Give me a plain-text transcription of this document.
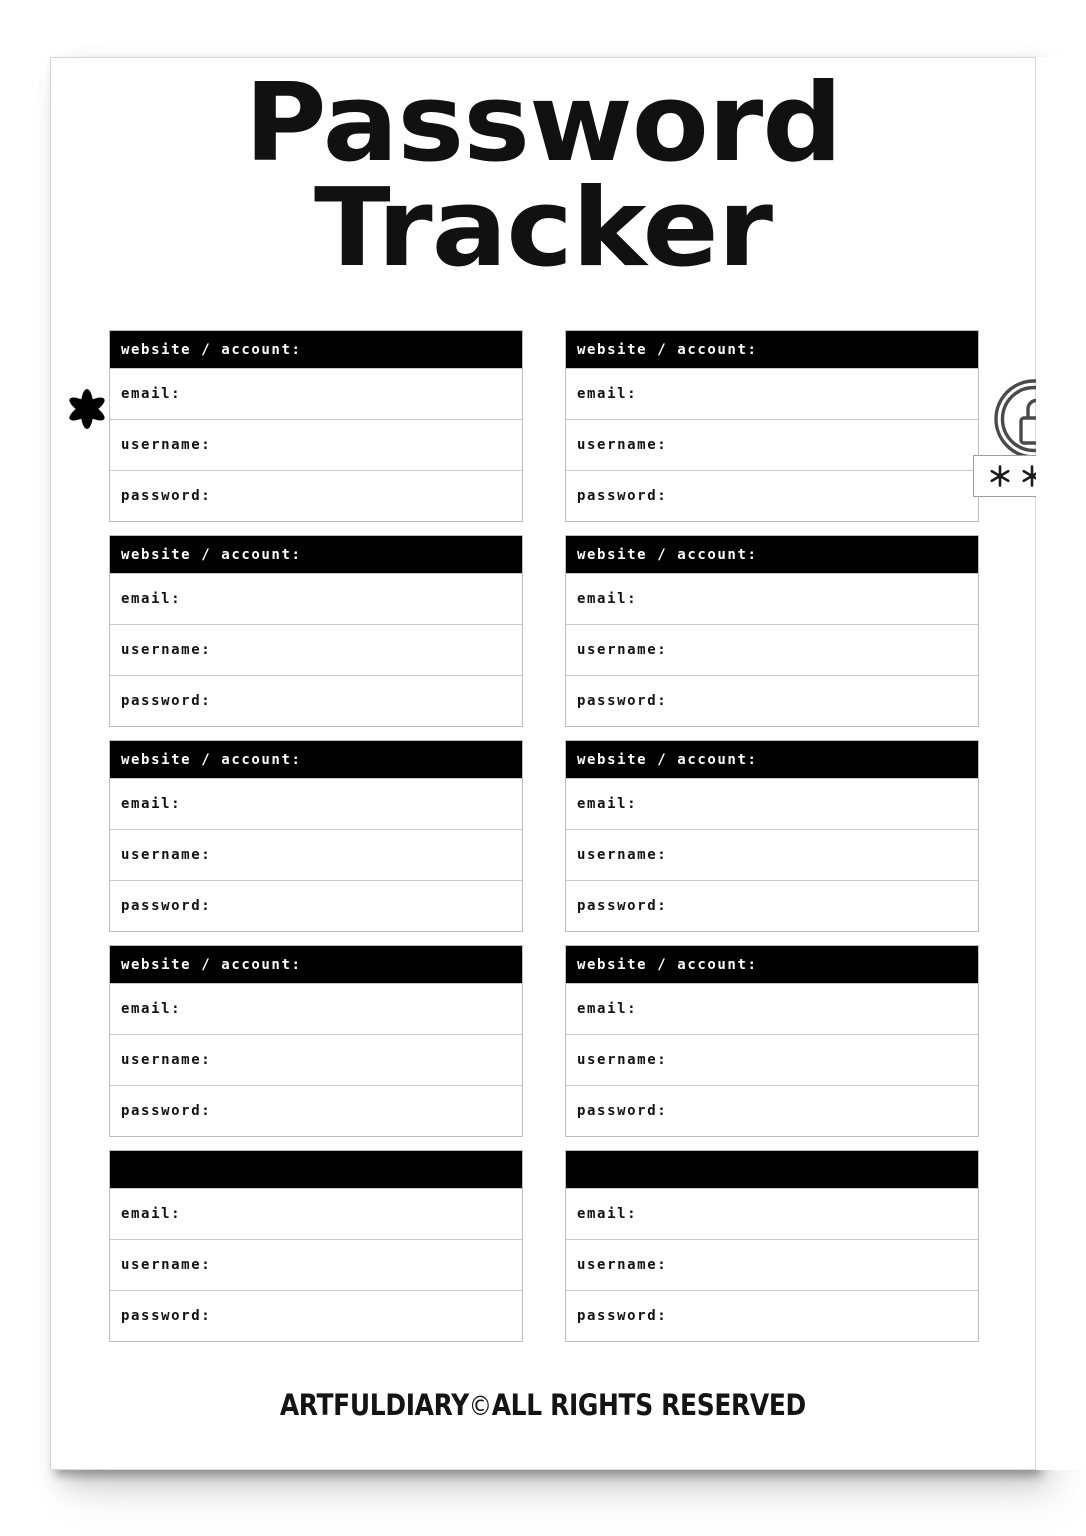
Password
Tracker
website / account:
email:
username:
password:
website / account:
email:
username:
password:
website / account:
email:
username:
password:
website / account:
email:
username:
password:
website / account:
email:
username:
password:
website / account:
email:
username:
password:
website / account:
email:
username:
password:
website / account:
email:
username:
password:
email:
username:
password:
email:
username:
password:
ARTFULDIARY©ALL RIGHTS RESERVED
